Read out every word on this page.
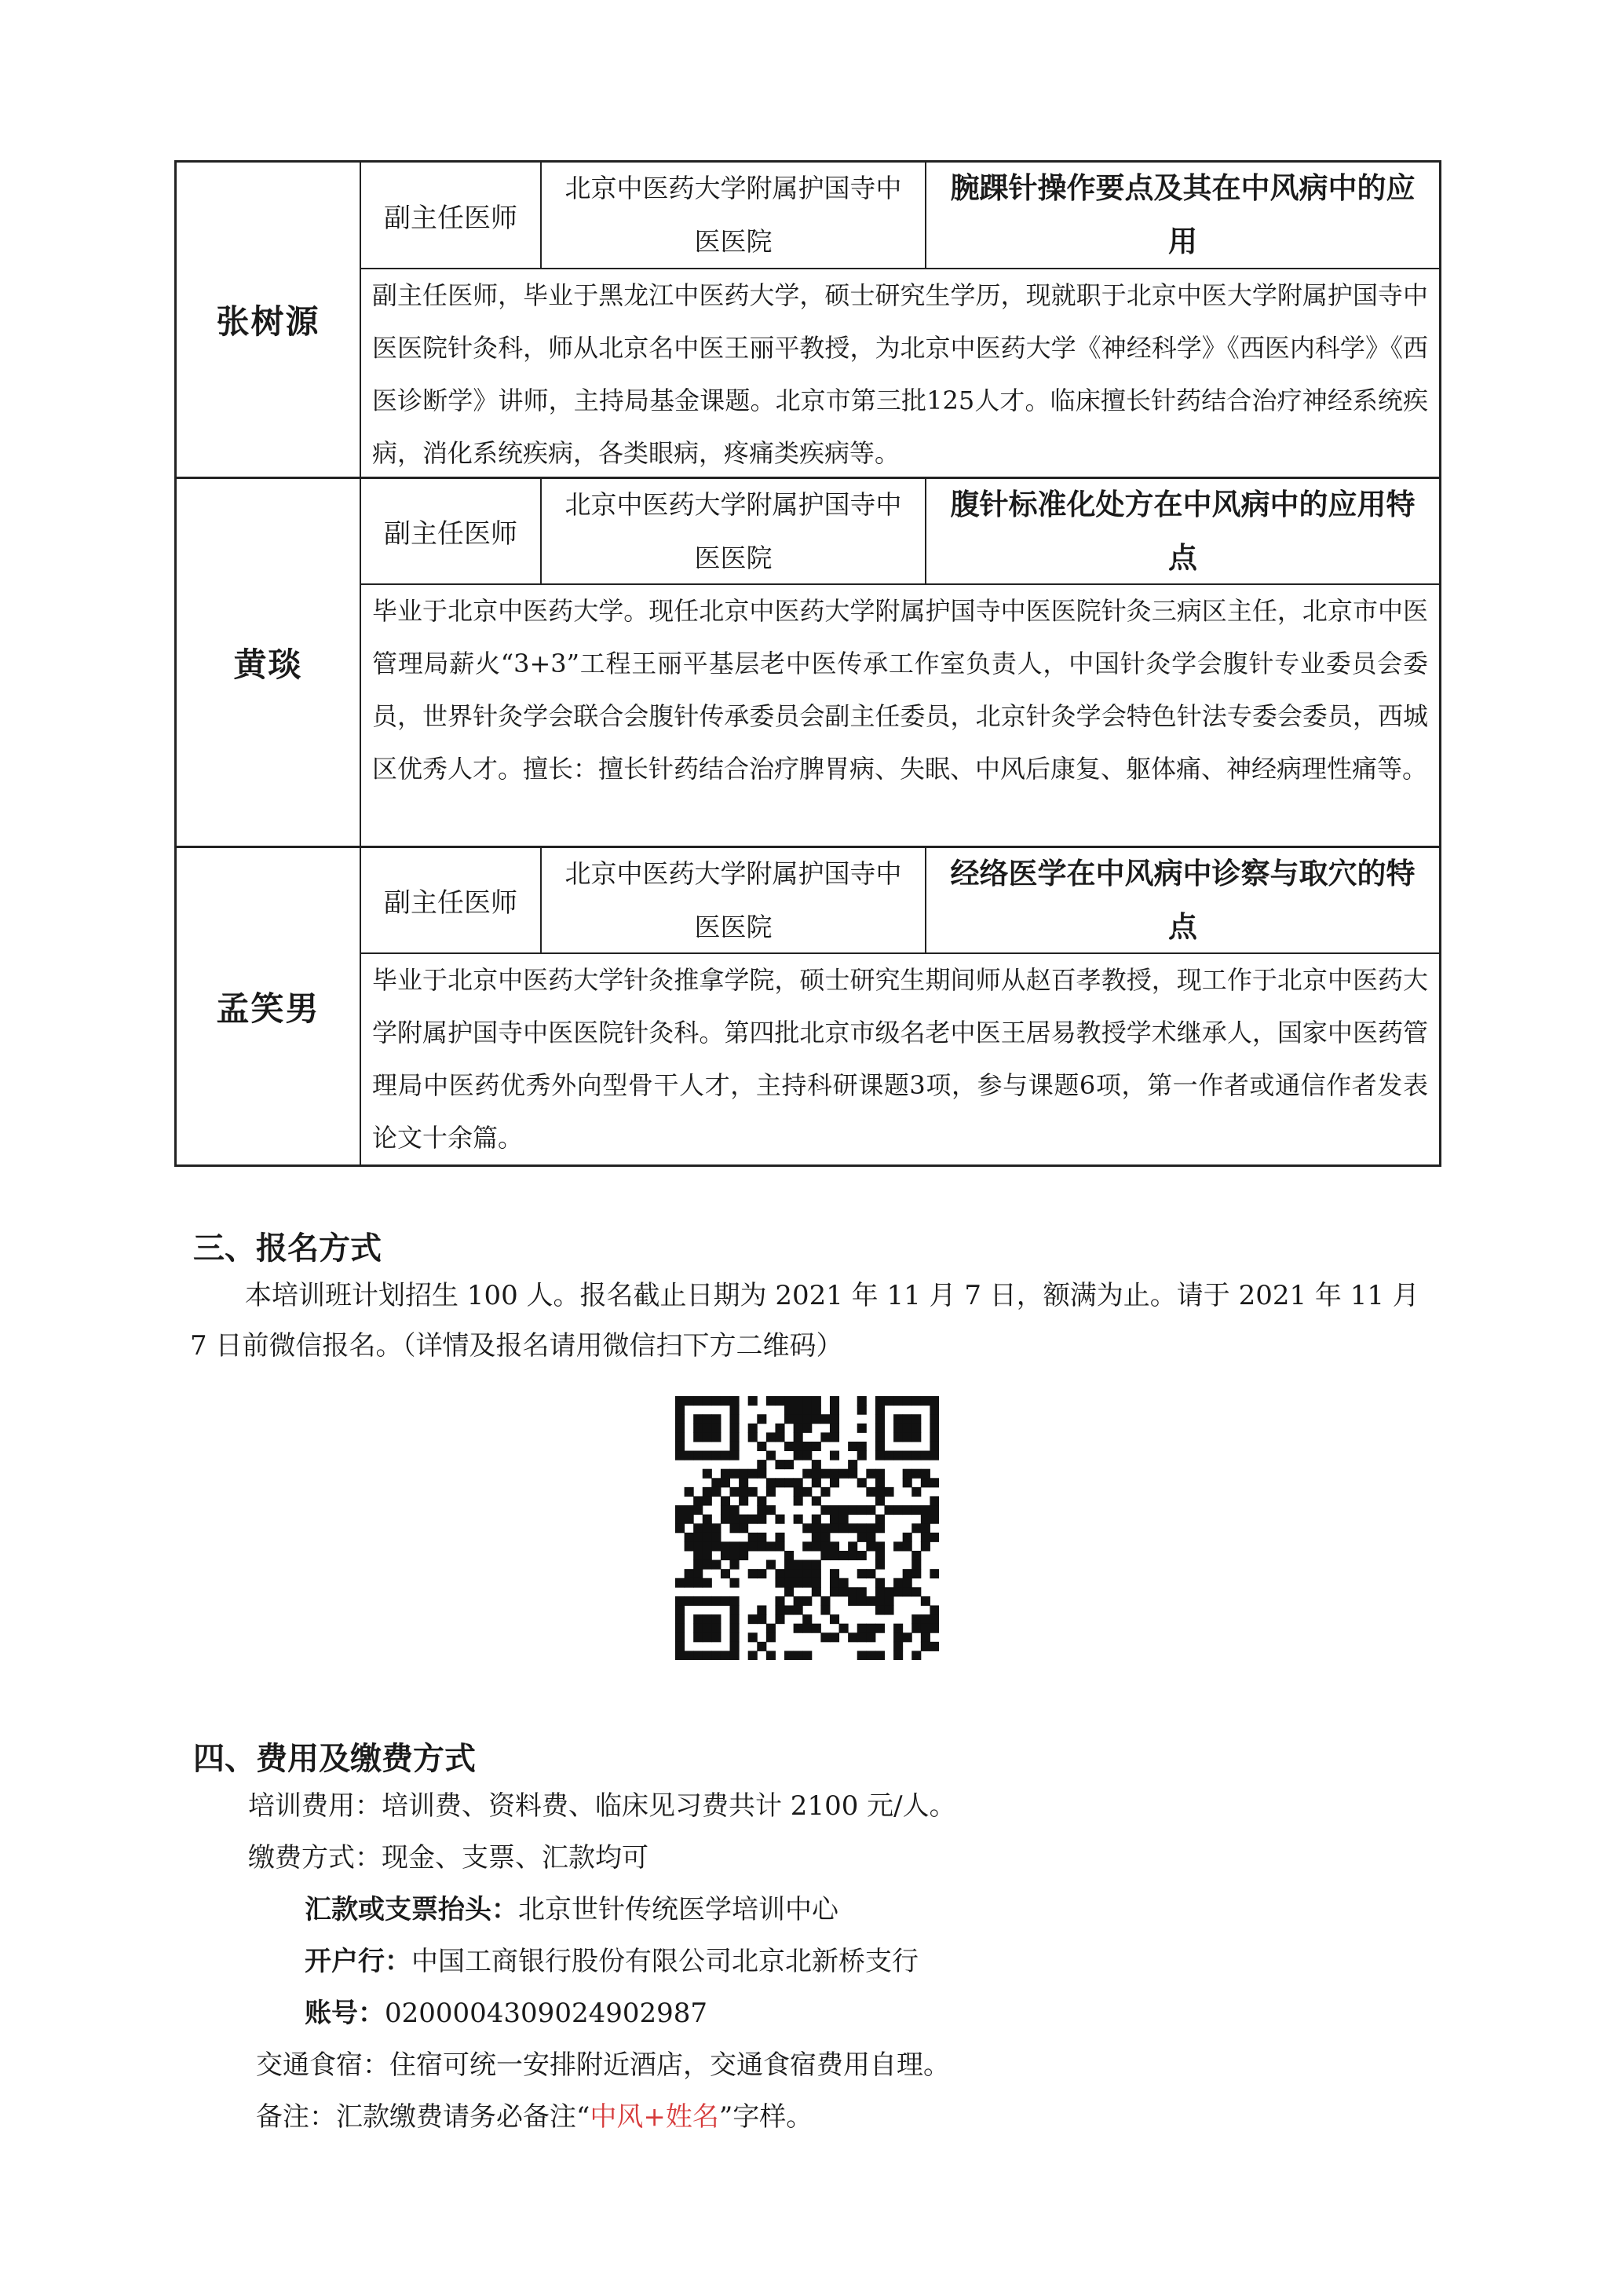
张树源
副主任医师
北京中医药大学附属护国寺中医医院
腕踝针操作要点及其在中风病中的应用
副主任医师，毕业于黑龙江中医药大学，硕士研究生学历，现就职于北京中医大学附属护国寺中医医院针灸科，师从北京名中医王丽平教授，为北京中医药大学《神经科学》《西医内科学》《西医诊断学》讲师，主持局基金课题。北京市第三批125人才。临床擅长针药结合治疗神经系统疾病，消化系统疾病，各类眼病，疼痛类疾病等。
黄琰
副主任医师
北京中医药大学附属护国寺中医医院
腹针标准化处方在中风病中的应用特点
毕业于北京中医药大学。现任北京中医药大学附属护国寺中医医院针灸三病区主任，北京市中医管理局薪火“3+3”工程王丽平基层老中医传承工作室负责人，中国针灸学会腹针专业委员会委员，世界针灸学会联合会腹针传承委员会副主任委员，北京针灸学会特色针法专委会委员，西城区优秀人才。擅长：擅长针药结合治疗脾胃病、失眠、中风后康复、躯体痛、神经病理性痛等。
孟笑男
副主任医师
北京中医药大学附属护国寺中医医院
经络医学在中风病中诊察与取穴的特点
毕业于北京中医药大学针灸推拿学院，硕士研究生期间师从赵百孝教授，现工作于北京中医药大学附属护国寺中医医院针灸科。第四批北京市级名老中医王居易教授学术继承人，国家中医药管理局中医药优秀外向型骨干人才，主持科研课题3项，参与课题6项，第一作者或通信作者发表论文十余篇。
三、报名方式
本培训班计划招生 100 人。报名截止日期为 2021 年 11 月 7 日，额满为止。请于 2021 年 11 月 7 日前微信报名。（详情及报名请用微信扫下方二维码）
四、费用及缴费方式
培训费用：培训费、资料费、临床见习费共计 2100 元/人。
缴费方式：现金、支票、汇款均可
汇款或支票抬头：北京世针传统医学培训中心
开户行：中国工商银行股份有限公司北京北新桥支行
账号：0200004309024902987
交通食宿：住宿可统一安排附近酒店，交通食宿费用自理。
备注：汇款缴费请务必备注“中风+姓名”字样。
